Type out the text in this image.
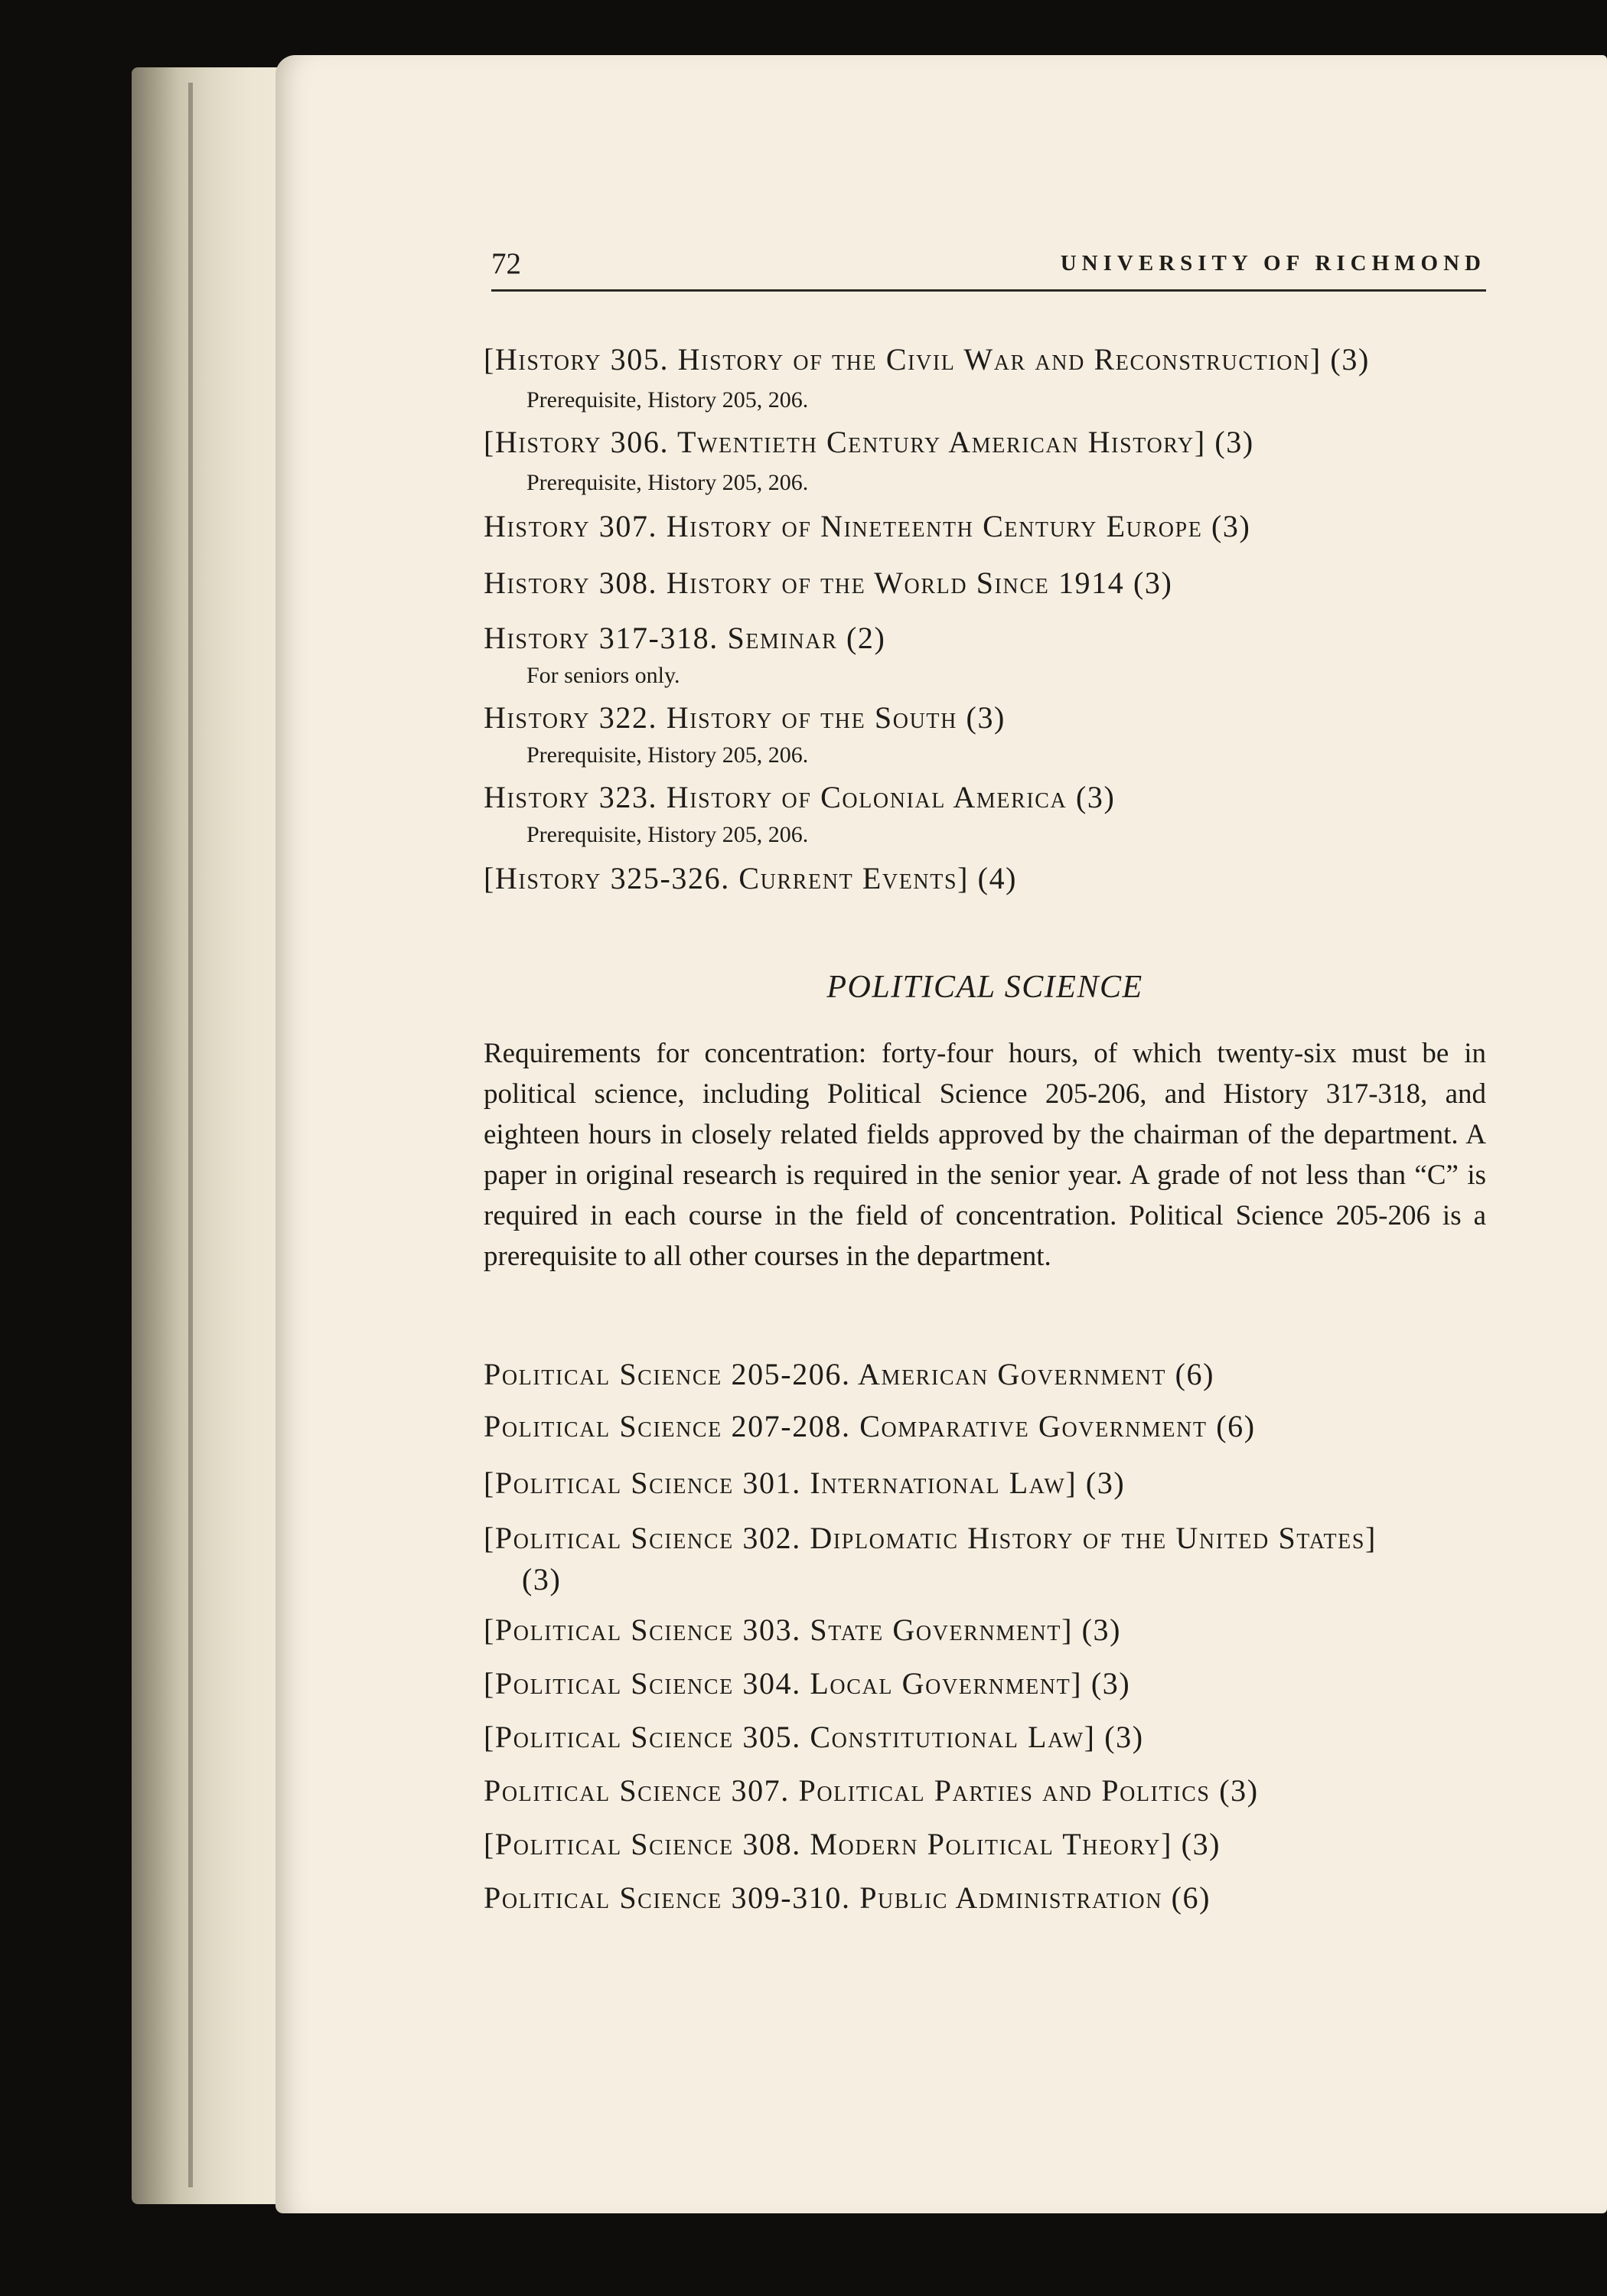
72	UNIVERSITY OF RICHMOND
[History 305. History of the Civil War and Reconstruction] (3)
Prerequisite, History 205, 206.
[History 306. Twentieth Century American History] (3)
Prerequisite, History 205, 206.
History 307. History of Nineteenth Century Europe (3)
History 308. History of the World Since 1914 (3)
History 317-318. Seminar (2)
For seniors only.
History 322. History of the South (3)
Prerequisite, History 205, 206.
History 323. History of Colonial America (3)
Prerequisite, History 205, 206.
[History 325-326. Current Events] (4)
POLITICAL SCIENCE
Requirements for concentration: forty-four hours, of which twenty-six must be in political science, including Political Science 205-206, and History 317-318, and eighteen hours in closely related fields approved by the chairman of the department. A paper in original research is required in the senior year. A grade of not less than “C” is required in each course in the field of concentration. Political Science 205-206 is a prerequisite to all other courses in the department.
Political Science 205-206. American Government (6)
Political Science 207-208. Comparative Government (6)
[Political Science 301. International Law] (3)
[Political Science 302. Diplomatic History of the United States]
(3)
[Political Science 303. State Government] (3)
[Political Science 304. Local Government] (3)
[Political Science 305. Constitutional Law] (3)
Political Science 307. Political Parties and Politics (3)
[Political Science 308. Modern Political Theory] (3)
Political Science 309-310. Public Administration (6)
